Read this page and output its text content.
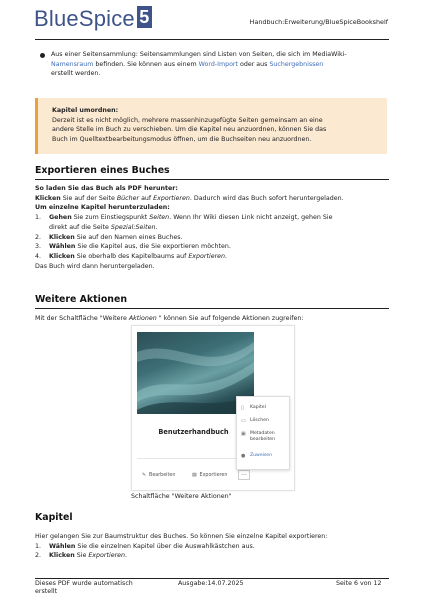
BlueSpice 5	Handbuch:Erweiterung/BlueSpiceBookshelf
Aus einer Seitensammlung: Seitensammlungen sind Listen von Seiten, die sich im MediaWiki-
Namensraum befinden. Sie können aus einem Word-Import oder aus Suchergebnissen
erstellt werden.
Kapitel umordnen:
Derzeit ist es nicht möglich, mehrere massenhinzugefügte Seiten gemeinsam an eine
andere Stelle im Buch zu verschieben. Um die Kapitel neu anzuordnen, können Sie das
Buch im Quelltextbearbeitungsmodus öffnen, um die Buchseiten neu anzuordnen.
Exportieren eines Buches
So laden Sie das Buch als PDF herunter:
Klicken Sie auf der Seite Bücher auf Exportieren. Dadurch wird das Buch sofort heruntergeladen.
Um einzelne Kapitel herunterzuladen:
1.	Gehen Sie zum Einstiegspunkt Seiten. Wenn Ihr Wiki diesen Link nicht anzeigt, gehen Sie
direkt auf die Seite Spezial:Seiten.
2.	Klicken Sie auf den Namen eines Buches.
3.	Wählen Sie die Kapitel aus, die Sie exportieren möchten.
4.	Klicken Sie oberhalb des Kapitelbaums auf Exportieren.
Das Buch wird dann heruntergeladen.
Weitere Aktionen
Mit der Schaltfläche "Weitere Aktionen " können Sie auf folgende Aktionen zugreifen:
Benutzerhandbuch
✎ Bearbeiten	▤ Exportieren	...
▯	Kapitel
▭ Löschen
▣ Metadaten bearbeiten
●	Zuweisen
Schaltfläche "Weitere Aktionen"
Kapitel
Hier gelangen Sie zur Baumstruktur des Buches. So können Sie einzelne Kapitel exportieren:
1.	Wählen Sie die einzelnen Kapitel über die Auswahlkästchen aus.
2.	Klicken Sie Exportieren.
Dieses PDF wurde automatisch
erstellt
Ausgabe:14.07.2025	Seite 6 von 12
